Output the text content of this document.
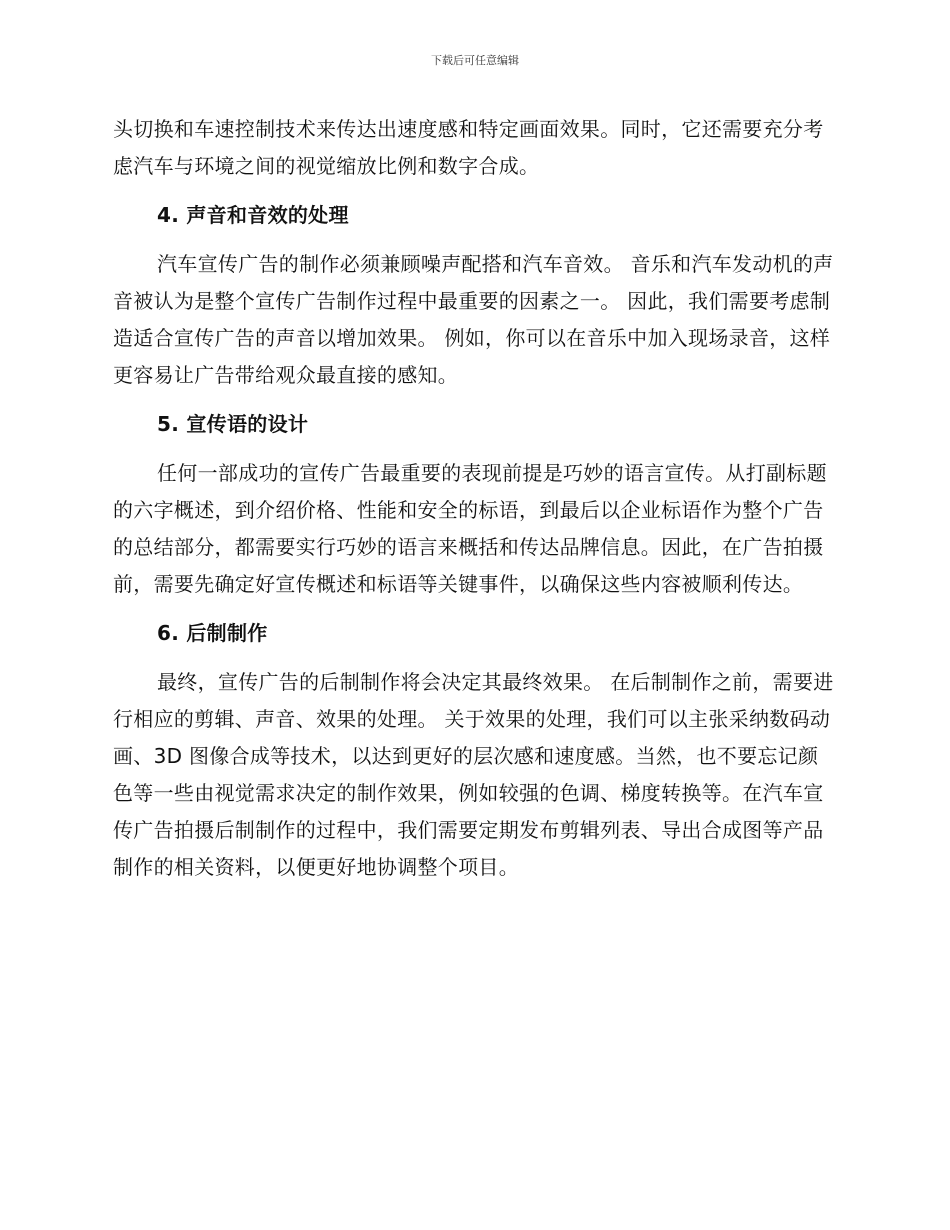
下载后可任意编辑

头切换和车速控制技术来传达出速度感和特定画面效果。同时，它还需要充分考虑汽车与环境之间的视觉缩放比例和数字合成。

4. 声音和音效的处理

汽车宣传广告的制作必须兼顾噪声配搭和汽车音效。 音乐和汽车发动机的声音被认为是整个宣传广告制作过程中最重要的因素之一。 因此，我们需要考虑制造适合宣传广告的声音以增加效果。 例如，你可以在音乐中加入现场录音，这样更容易让广告带给观众最直接的感知。

5. 宣传语的设计

任何一部成功的宣传广告最重要的表现前提是巧妙的语言宣传。从打副标题的六字概述，到介绍价格、性能和安全的标语，到最后以企业标语作为整个广告的总结部分，都需要实行巧妙的语言来概括和传达品牌信息。因此，在广告拍摄前，需要先确定好宣传概述和标语等关键事件，以确保这些内容被顺利传达。

6. 后制制作

最终，宣传广告的后制制作将会决定其最终效果。 在后制制作之前，需要进行相应的剪辑、声音、效果的处理。 关于效果的处理，我们可以主张采纳数码动画、3D 图像合成等技术，以达到更好的层次感和速度感。当然，也不要忘记颜色等一些由视觉需求决定的制作效果，例如较强的色调、梯度转换等。在汽车宣传广告拍摄后制制作的过程中，我们需要定期发布剪辑列表、导出合成图等产品制作的相关资料，以便更好地协调整个项目。
